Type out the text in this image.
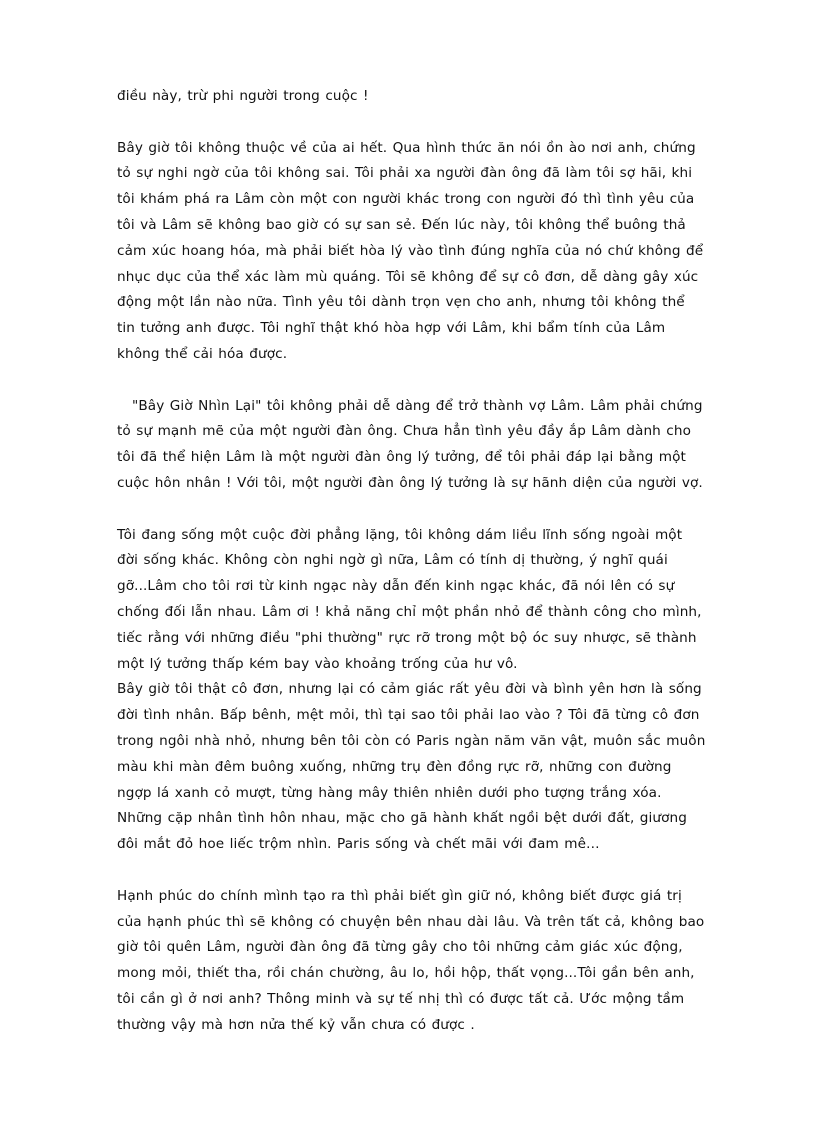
điều này, trừ phi người trong cuộc !

Bây giờ tôi không thuộc về của ai hết. Qua hình thức ăn nói ồn ào nơi anh, chứng tỏ sự nghi ngờ của tôi không sai. Tôi phải xa người đàn ông đã làm tôi sợ hãi, khi tôi khám phá ra Lâm còn một con người khác trong con người đó thì tình yêu của tôi và Lâm sẽ không bao giờ có sự san sẻ. Đến lúc này, tôi không thể buông thả cảm xúc hoang hóa, mà phải biết hòa lý vào tình đúng nghĩa của nó chứ không để nhục dục của thể xác làm mù quáng. Tôi sẽ không để sự cô đơn, dễ dàng gây xúc động một lần nào nữa. Tình yêu tôi dành trọn vẹn cho anh, nhưng tôi không thể tin tưởng anh được. Tôi nghĩ thật khó hòa hợp với Lâm, khi bẩm tính của Lâm không thể cải hóa được.

"Bây Giờ Nhìn Lại" tôi không phải dễ dàng để trở thành vợ Lâm. Lâm phải chứng tỏ sự mạnh mẽ của một người đàn ông. Chưa hẳn tình yêu đầy ắp Lâm dành cho tôi đã thể hiện Lâm là một người đàn ông lý tưởng, để tôi phải đáp lại bằng một cuộc hôn nhân ! Với tôi, một người đàn ông lý tưởng là sự hãnh diện của người vợ.

Tôi đang sống một cuộc đời phẳng lặng, tôi không dám liều lĩnh sống ngoài một đời sống khác. Không còn nghi ngờ gì nữa, Lâm có tính dị thường, ý nghĩ quái gỡ...Lâm cho tôi rơi từ kinh ngạc này dẫn đến kinh ngạc khác, đã nói lên có sự chống đối lẫn nhau. Lâm ơi ! khả năng chỉ một phần nhỏ để thành công cho mình, tiếc rằng với những điều "phi thường" rực rỡ trong một bộ óc suy nhược, sẽ thành một lý tưởng thấp kém bay vào khoảng trống của hư vô.

Bây giờ tôi thật cô đơn, nhưng lại có cảm giác rất yêu đời và bình yên hơn là sống đời tình nhân. Bấp bênh, mệt mỏi, thì tại sao tôi phải lao vào ? Tôi đã từng cô đơn trong ngôi nhà nhỏ, nhưng bên tôi còn có Paris ngàn năm văn vật, muôn sắc muôn màu khi màn đêm buông xuống, những trụ đèn đồng rực rỡ, những con đường ngợp lá xanh cỏ mượt, từng hàng mây thiên nhiên dưới pho tượng trắng xóa. Những cặp nhân tình hôn nhau, mặc cho gã hành khất ngồi bệt dưới đất, giương đôi mắt đỏ hoe liếc trộm nhìn. Paris sống và chết mãi với đam mê…

Hạnh phúc do chính mình tạo ra thì phải biết gìn giữ nó, không biết được giá trị của hạnh phúc thì sẽ không có chuyện bên nhau dài lâu. Và trên tất cả, không bao giờ tôi quên Lâm, người đàn ông đã từng gây cho tôi những cảm giác xúc động, mong mỏi, thiết tha, rồi chán chường, âu lo, hồi hộp, thất vọng...Tôi gần bên anh, tôi cần gì ở nơi anh? Thông minh và sự tế nhị thì có được tất cả. Ước mộng tầm thường vậy mà hơn nửa thế kỷ vẫn chưa có được .
